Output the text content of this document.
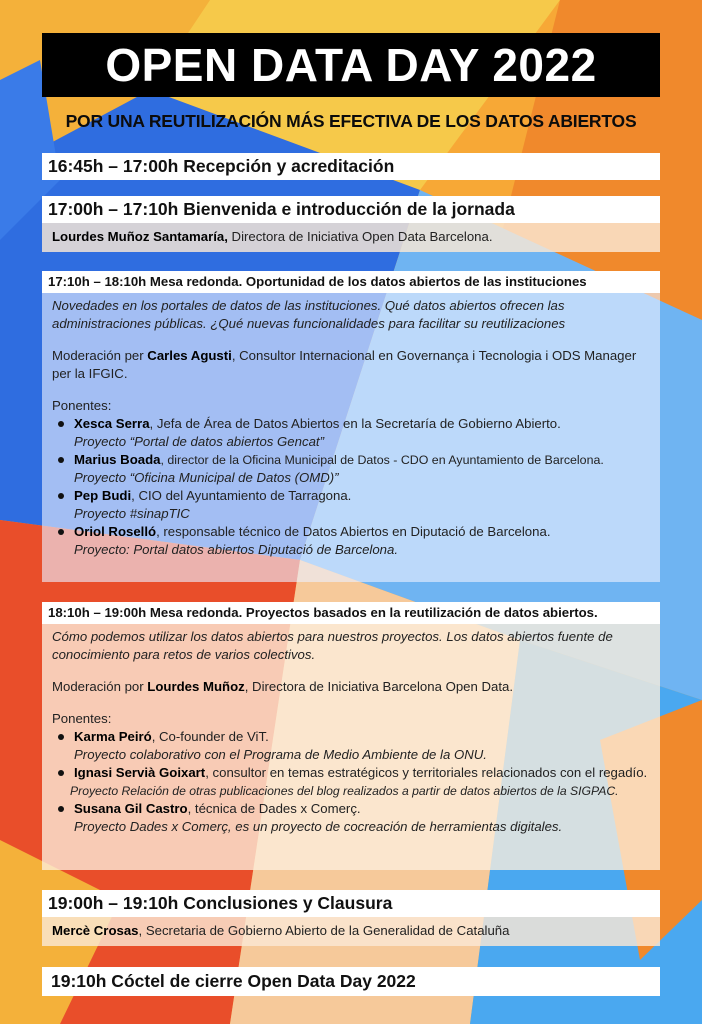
OPEN DATA DAY 2022
POR UNA REUTILIZACIÓN MÁS EFECTIVA DE LOS DATOS ABIERTOS
16:45h – 17:00h Recepción y acreditación
17:00h – 17:10h Bienvenida e introducción de la jornada
Lourdes Muñoz Santamaría, Directora de Iniciativa Open Data Barcelona.
17:10h – 18:10h Mesa redonda. Oportunidad de los datos abiertos de las instituciones
Novedades en los portales de datos de las instituciones. Qué datos abiertos ofrecen las administraciones públicas. ¿Qué nuevas funcionalidades para facilitar su reutilizaciones
Moderación per Carles Agusti, Consultor Internacional en Governança i Tecnologia i ODS Manager per la IFGIC.
Ponentes:
Xesca Serra, Jefa de Área de Datos Abiertos en la Secretaría de Gobierno Abierto.
Proyecto “Portal de datos abiertos Gencat”
Marius Boada, director de la Oficina Municipal de Datos - CDO en Ayuntamiento de Barcelona.
Proyecto “Oficina Municipal de Datos (OMD)”
Pep Budi, CIO del Ayuntamiento de Tarragona.
Proyecto #sinapTIC
Oriol Roselló, responsable técnico de Datos Abiertos en Diputació de Barcelona.
Proyecto: Portal datos abiertos Diputació de Barcelona.
18:10h – 19:00h Mesa redonda. Proyectos basados en la reutilización de datos abiertos.
Cómo podemos utilizar los datos abiertos para nuestros proyectos. Los datos abiertos fuente de conocimiento para retos de varios colectivos.
Moderación por Lourdes Muñoz, Directora de Iniciativa Barcelona Open Data.
Ponentes:
Karma Peiró, Co-founder de ViT.
Proyecto colaborativo con el Programa de Medio Ambiente de la ONU.
Ignasi Servià Goixart, consultor en temas estratégicos y territoriales relacionados con el regadío.
Proyecto Relación de otras publicaciones del blog realizados a partir de datos abiertos de la SIGPAC.
Susana Gil Castro, técnica de Dades x Comerç.
Proyecto Dades x Comerç, es un proyecto de cocreación de herramientas digitales.
19:00h – 19:10h Conclusiones y Clausura
Mercè Crosas, Secretaria de Gobierno Abierto de la Generalidad de Cataluña
19:10h Cóctel de cierre Open Data Day 2022
